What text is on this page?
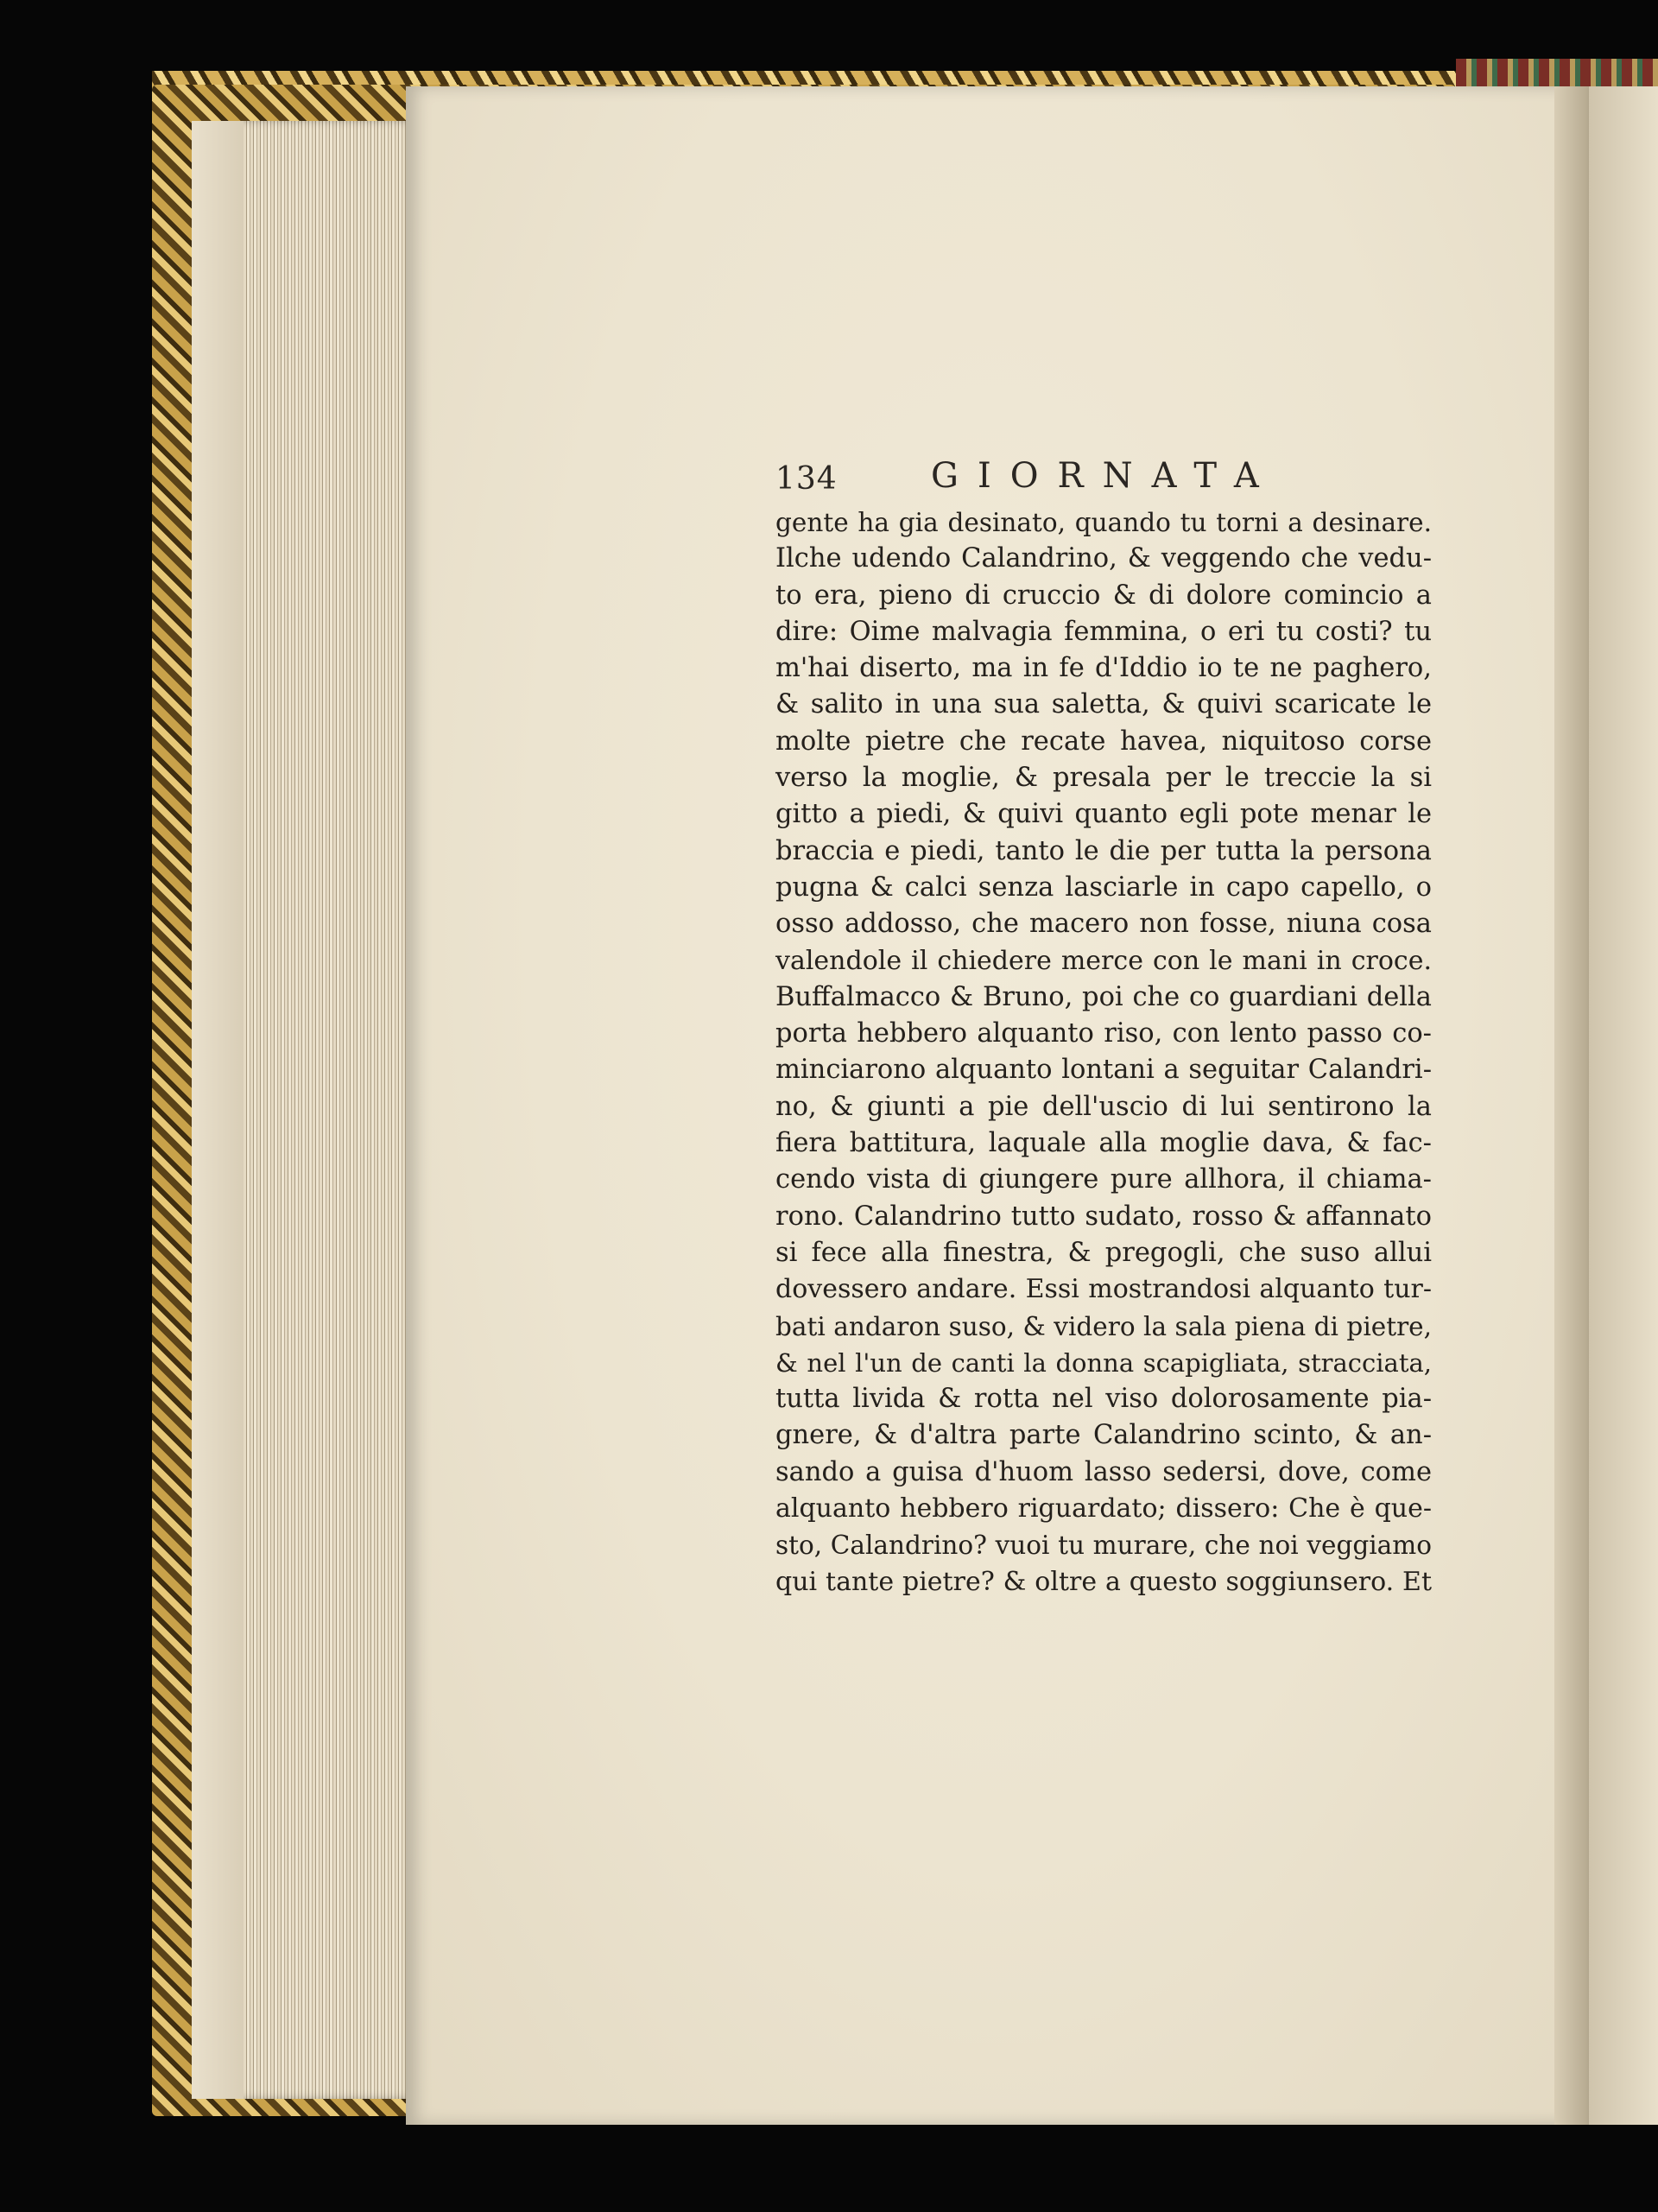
134	GIORNATA
gente ha gia desinato, quando tu torni a desinare.
Ilche udendo Calandrino, & veggendo che vedu-
to era, pieno di cruccio & di dolore comincio a
dire: Oime malvagia femmina, o eri tu costi? tu
m'hai diserto, ma in fe d'Iddio io te ne paghero,
& salito in una sua saletta, & quivi scaricate le
molte pietre che recate havea, niquitoso corse
verso la moglie, & presala per le treccie la si
gitto a piedi, & quivi quanto egli pote menar le
braccia e piedi, tanto le die per tutta la persona
pugna & calci senza lasciarle in capo capello, o
osso addosso, che macero non fosse, niuna cosa
valendole il chiedere merce con le mani in croce.
Buffalmacco & Bruno, poi che co guardiani della
porta hebbero alquanto riso, con lento passo co-
minciarono alquanto lontani a seguitar Calandri-
no, & giunti a pie dell'uscio di lui sentirono la
fiera battitura, laquale alla moglie dava, & fac-
cendo vista di giungere pure allhora, il chiama-
rono. Calandrino tutto sudato, rosso & affannato
si fece alla finestra, & pregogli, che suso allui
dovessero andare. Essi mostrandosi alquanto tur-
bati andaron suso, & videro la sala piena di pietre,
& nel l'un de canti la donna scapigliata, stracciata,
tutta livida & rotta nel viso dolorosamente pia-
gnere, & d'altra parte Calandrino scinto, & an-
sando a guisa d'huom lasso sedersi, dove, come
alquanto hebbero riguardato; dissero: Che è que-
sto, Calandrino? vuoi tu murare, che noi veggiamo
qui tante pietre? & oltre a questo soggiunsero. Et
